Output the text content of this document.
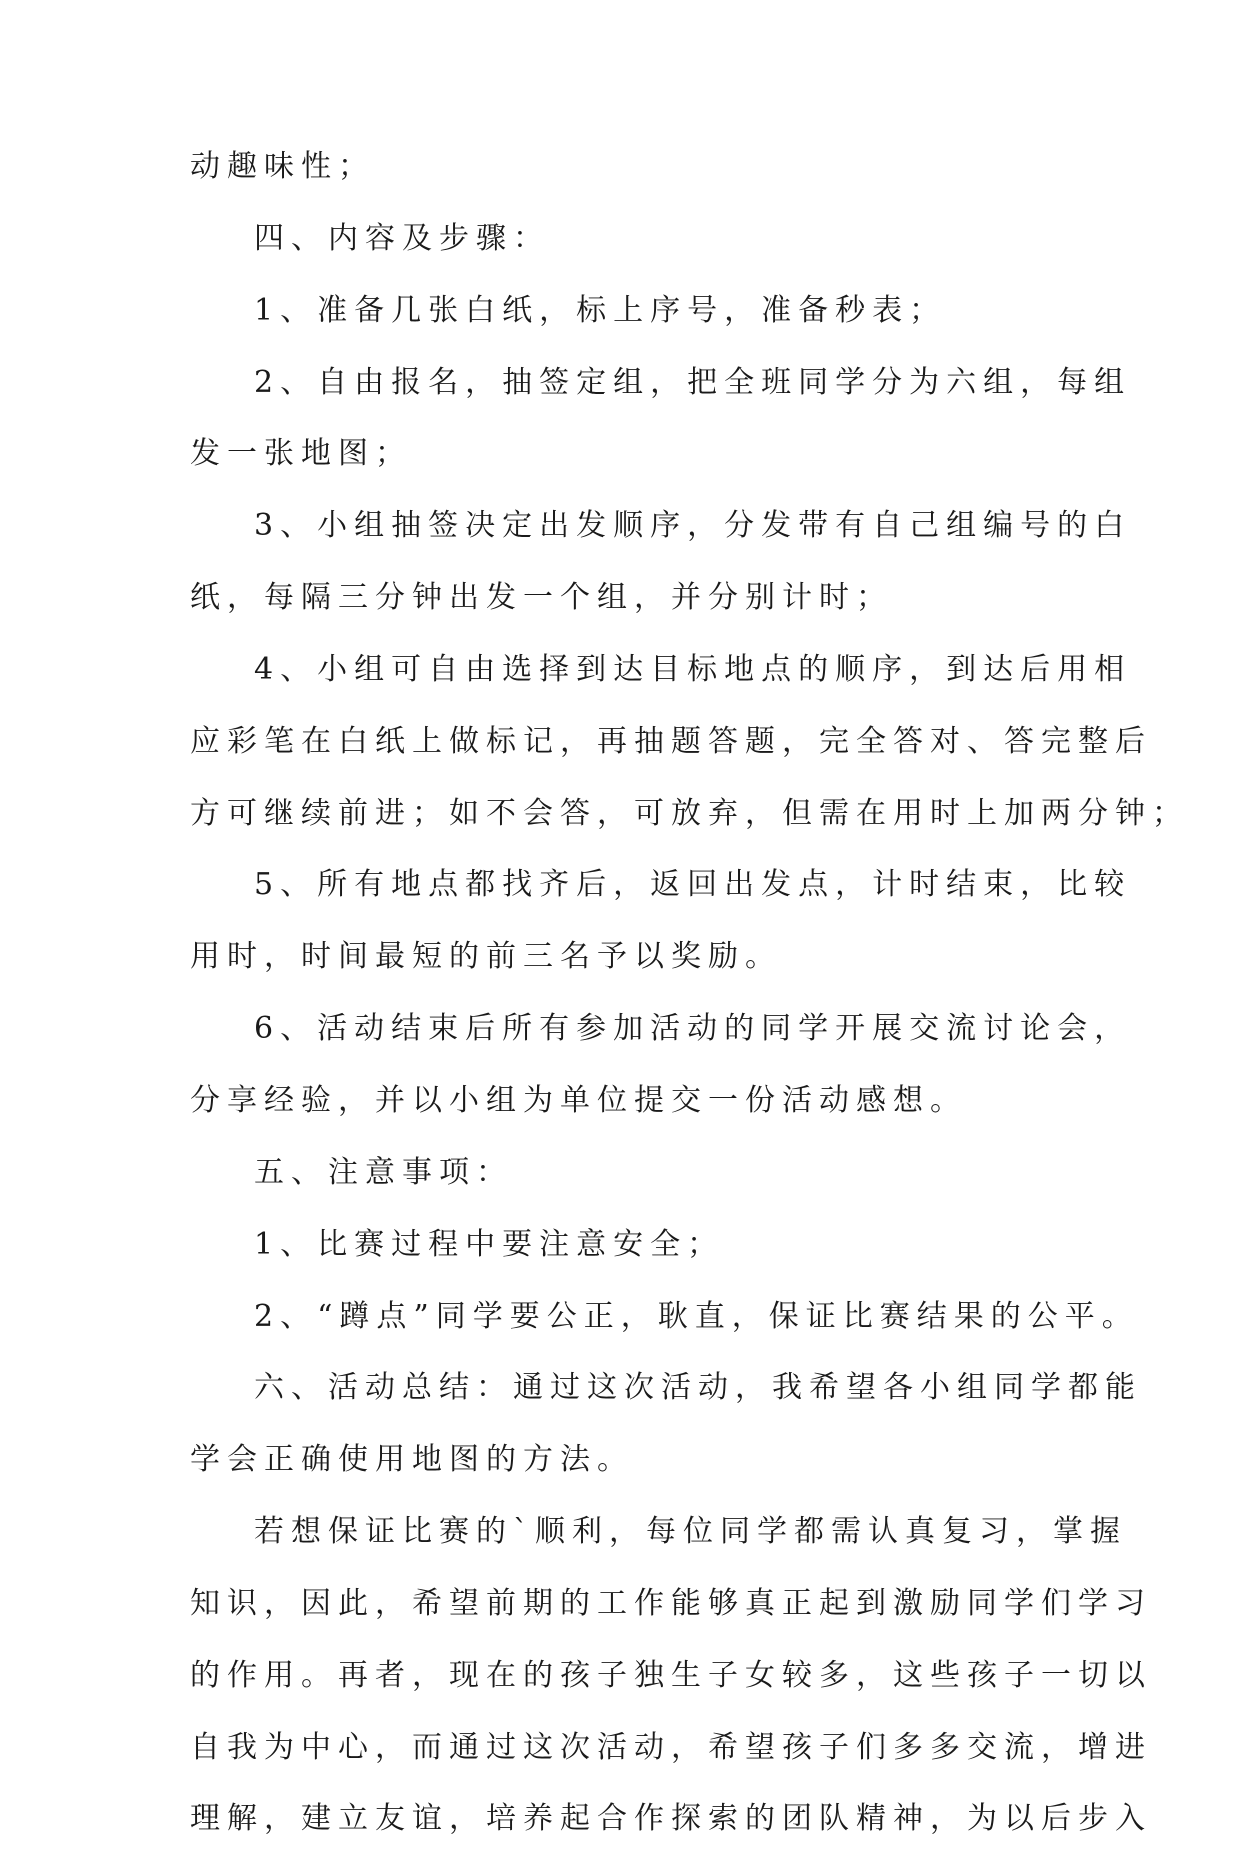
动趣味性；
四、内容及步骤：
1、准备几张白纸，标上序号，准备秒表；
2、自由报名，抽签定组，把全班同学分为六组，每组
发一张地图；
3、小组抽签决定出发顺序，分发带有自己组编号的白
纸，每隔三分钟出发一个组，并分别计时；
4、小组可自由选择到达目标地点的顺序，到达后用相
应彩笔在白纸上做标记，再抽题答题，完全答对、答完整后
方可继续前进；如不会答，可放弃，但需在用时上加两分钟；
5、所有地点都找齐后，返回出发点，计时结束，比较
用时，时间最短的前三名予以奖励。
6、活动结束后所有参加活动的同学开展交流讨论会，
分享经验，并以小组为单位提交一份活动感想。
五、注意事项：
1、比赛过程中要注意安全；
2、“蹲点”同学要公正，耿直，保证比赛结果的公平。
六、活动总结：通过这次活动，我希望各小组同学都能
学会正确使用地图的方法。
若想保证比赛的`顺利，每位同学都需认真复习，掌握
知识，因此，希望前期的工作能够真正起到激励同学们学习
的作用。再者，现在的孩子独生子女较多，这些孩子一切以
自我为中心，而通过这次活动，希望孩子们多多交流，增进
理解，建立友谊，培养起合作探索的团队精神，为以后步入
